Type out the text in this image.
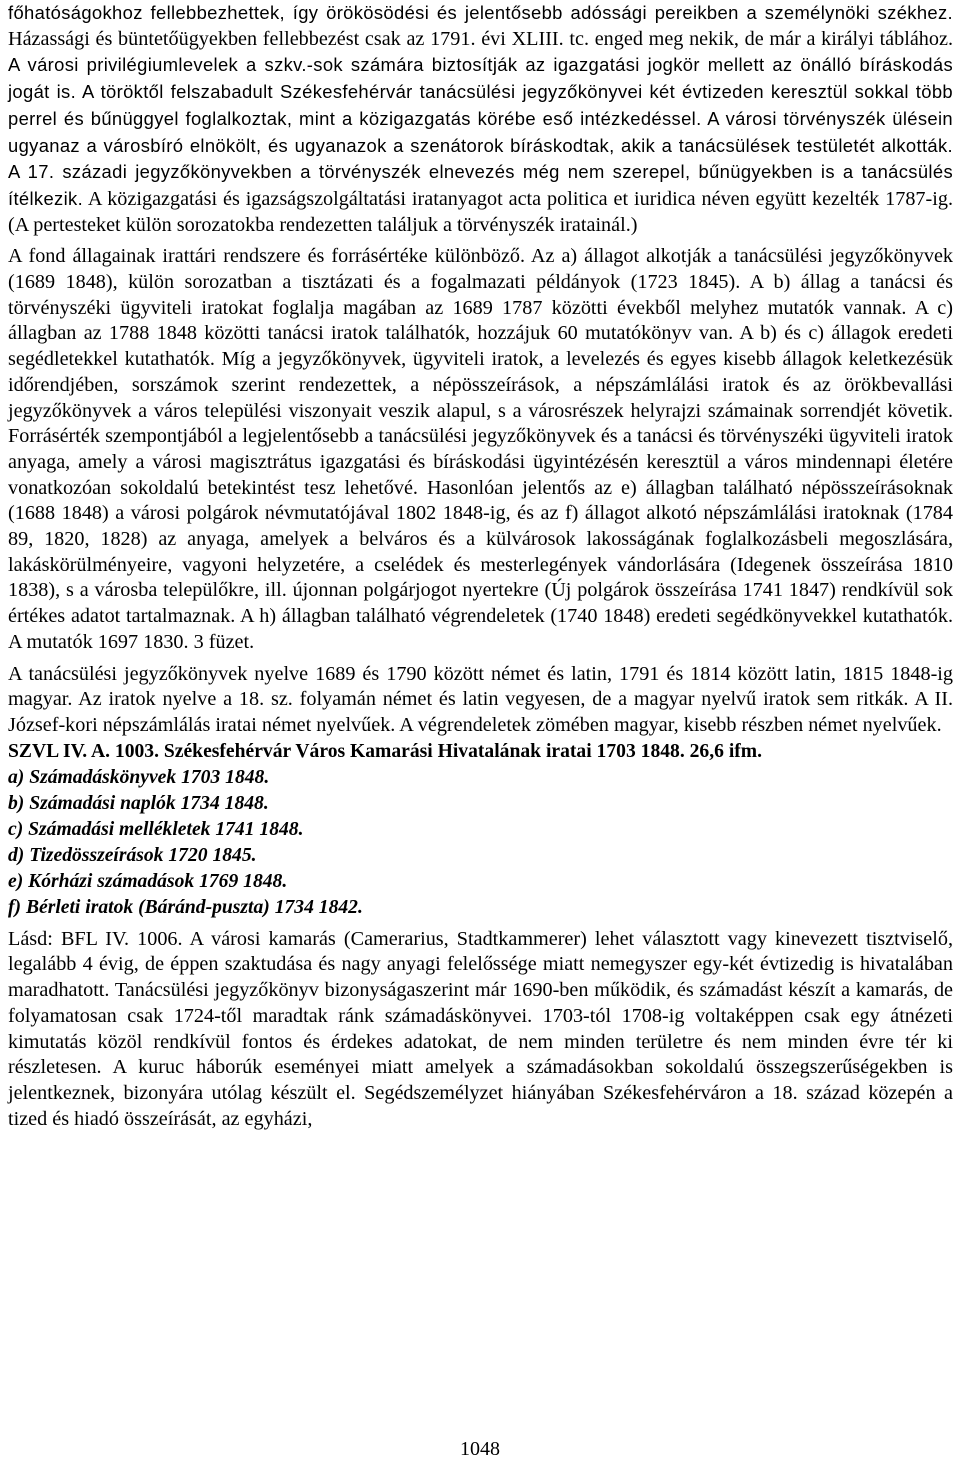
főhatóságokhoz fellebbezhettek, így örökösödési és jelentősebb adóssági pereikben a személynöki székhez. Házassági és büntetőügyekben fellebbezést csak az 1791. évi XLIII. tc. enged meg nekik, de már a királyi táblához. A városi privilégiumlevelek a szkv.-sok számára biztosítják az igazgatási jogkör mellett az önálló bíráskodás jogát is. A töröktől felszabadult Székesfehérvár tanácsülési jegyzőkönyvei két évtizeden keresztül sokkal több perrel és bűnüggyel foglalkoztak, mint a közigazgatás körébe eső intézkedéssel. A városi törvényszék ülésein ugyanaz a városbíró elnökölt, és ugyanazok a szenátorok bíráskodtak, akik a tanácsülések testületét alkották. A 17. századi jegyzőkönyvekben a törvényszék elnevezés még nem szerepel, bűnügyekben is a tanácsülés ítélkezik. A közigazgatási és igazságszolgáltatási iratanyagot acta politica et iuridica néven együtt kezelték 1787-ig. (A pertesteket külön sorozatokba rendezetten találjuk a törvényszék iratainál.)

A fond állagainak irattári rendszere és forrásértéke különböző. Az a) állagot alkotják a tanácsülési jegyzőkönyvek (1689 1848), külön sorozatban a tisztázati és a fogalmazati példányok (1723 1845). A b) állag a tanácsi és törvényszéki ügyviteli iratokat foglalja magában az 1689 1787 közötti évekből melyhez mutatók vannak. A c) állagban az 1788 1848 közötti tanácsi iratok találhatók, hozzájuk 60 mutatókönyv van. A b) és c) állagok eredeti segédletekkel kutathatók. Míg a jegyzőkönyvek, ügyviteli iratok, a levelezés és egyes kisebb állagok keletkezésük időrendjében, sorszámok szerint rendezettek, a népösszeírások, a népszámlálási iratok és az örökbevallási jegyzőkönyvek a város települési viszonyait veszik alapul, s a városrészek helyrajzi számainak sorrendjét követik. Forrásérték szempontjából a legjelentősebb a tanácsülési jegyzőkönyvek és a tanácsi és törvényszéki ügyviteli iratok anyaga, amely a városi magisztrátus igazgatási és bíráskodási ügyintézésén keresztül a város mindennapi életére vonatkozóan sokoldalú betekintést tesz lehetővé. Hasonlóan jelentős az e) állagban található népösszeírásoknak (1688 1848) a városi polgárok névmutatójával 1802 1848-ig, és az f) állagot alkotó népszámlálási iratoknak (1784 89, 1820, 1828) az anyaga, amelyek a belváros és a külvárosok lakosságának foglalkozásbeli megoszlására, lakáskörülményeire, vagyoni helyzetére, a cselédek és mesterlegények vándorlására (Idegenek összeírása 1810 1838), s a városba települőkre, ill. újonnan polgárjogot nyertekre (Új polgárok összeírása 1741 1847) rendkívül sok értékes adatot tartalmaznak. A h) állagban található végrendeletek (1740 1848) eredeti segédkönyvekkel kutathatók. A mutatók 1697 1830. 3 füzet.

A tanácsülési jegyzőkönyvek nyelve 1689 és 1790 között német és latin, 1791 és 1814 között latin, 1815 1848-ig magyar. Az iratok nyelve a 18. sz. folyamán német és latin vegyesen, de a magyar nyelvű iratok sem ritkák. A II. József-kori népszámlálás iratai német nyelvűek. A végrendeletek zömében magyar, kisebb részben német nyelvűek.

SZVL IV. A. 1003. Székesfehérvár Város Kamarási Hivatalának iratai 1703 1848. 26,6 ifm.

a) Számadáskönyvek 1703 1848.
b) Számadási naplók 1734 1848.
c) Számadási mellékletek 1741 1848.
d) Tizedösszeírások 1720 1845.
e) Kórházi számadások 1769 1848.
f) Bérleti iratok (Báránd-puszta) 1734 1842.

Lásd: BFL IV. 1006. A városi kamarás (Camerarius, Stadtkammerer) lehet választott vagy kinevezett tisztviselő, legalább 4 évig, de éppen szaktudása és nagy anyagi felelőssége miatt nemegyszer egy-két évtizedig is hivatalában maradhatott. Tanácsülési jegyzőkönyv bizonyságaszerint már 1690-ben működik, és számadást készít a kamarás, de folyamatosan csak 1724-től maradtak ránk számadáskönyvei. 1703-tól 1708-ig voltaképpen csak egy átnézeti kimutatás közöl rendkívül fontos és érdekes adatokat, de nem minden területre és nem minden évre tér ki részletesen. A kuruc háborúk eseményei miatt amelyek a számadásokban sokoldalú összegszerűségekben is jelentkeznek, bizonyára utólag készült el. Segédszemélyzet hiányában Székesfehérváron a 18. század közepén a tized és hiadó összeírását, az egyházi,

1048
